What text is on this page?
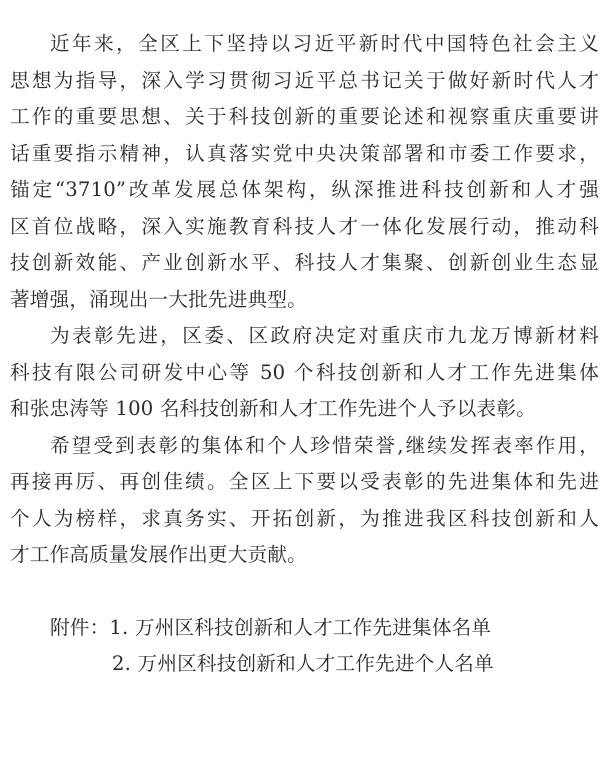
近年来，全区上下坚持以习近平新时代中国特色社会主义
思想为指导，深入学习贯彻习近平总书记关于做好新时代人才
工作的重要思想、关于科技创新的重要论述和视察重庆重要讲
话重要指示精神，认真落实党中央决策部署和市委工作要求，
锚定“3710”改革发展总体架构，纵深推进科技创新和人才强
区首位战略，深入实施教育科技人才一体化发展行动，推动科
技创新效能、产业创新水平、科技人才集聚、创新创业生态显
著增强，涌现出一大批先进典型。
为表彰先进，区委、区政府决定对重庆市九龙万博新材料
科技有限公司研发中心等 50 个科技创新和人才工作先进集体
和张忠涛等 100 名科技创新和人才工作先进个人予以表彰。
希望受到表彰的集体和个人珍惜荣誉,继续发挥表率作用，
再接再厉、再创佳绩。全区上下要以受表彰的先进集体和先进
个人为榜样，求真务实、开拓创新，为推进我区科技创新和人
才工作高质量发展作出更大贡献。
附件：1. 万州区科技创新和人才工作先进集体名单
2. 万州区科技创新和人才工作先进个人名单
